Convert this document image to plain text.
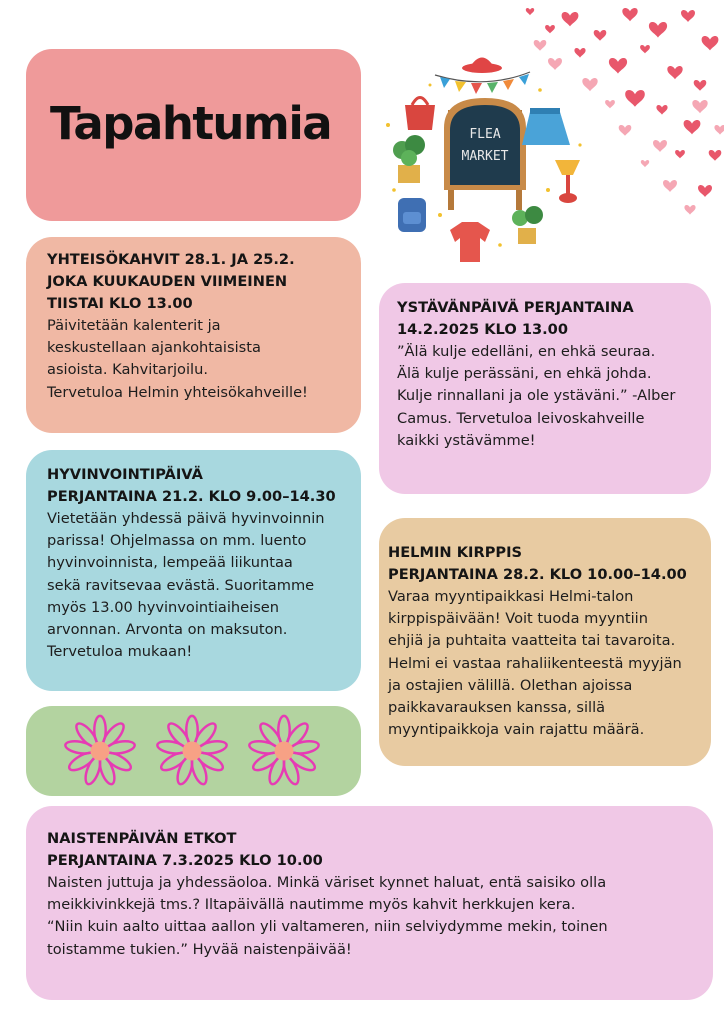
FLEA
MARKET
Tapahtumia
YHTEISÖKAHVIT 28.1. JA 25.2.
JOKA KUUKAUDEN VIIMEINEN
TIISTAI KLO 13.00

Päivitetään kalenterit ja
keskustellaan ajankohtaisista
asioista. Kahvitarjoilu.
Tervetuloa Helmin yhteisökahveille!

YSTÄVÄNPÄIVÄ PERJANTAINA
14.2.2025 KLO 13.00

”Älä kulje edelläni, en ehkä seuraa.
Älä kulje perässäni, en ehkä johda.
Kulje rinnallani ja ole ystäväni.” -Alber
Camus. Tervetuloa leivoskahveille
kaikki ystävämme!

HYVINVOINTIPÄIVÄ
PERJANTAINA 21.2. KLO 9.00–14.30

Vietetään yhdessä päivä hyvinvoinnin
parissa! Ohjelmassa on mm. luento
hyvinvoinnista, lempeää liikuntaa
sekä ravitsevaa evästä. Suoritamme
myös 13.00 hyvinvointiaiheisen
arvonnan. Arvonta on maksuton.
Tervetuloa mukaan!

HELMIN KIRPPIS
PERJANTAINA 28.2. KLO 10.00–14.00

Varaa myyntipaikkasi Helmi-talon
kirppispäivään! Voit tuoda myyntiin
ehjiä ja puhtaita vaatteita tai tavaroita.
Helmi ei vastaa rahaliikenteestä myyjän
ja ostajien välillä. Olethan ajoissa
paikkavarauksen kanssa, sillä
myyntipaikkoja vain rajattu määrä.

NAISTENPÄIVÄN ETKOT
PERJANTAINA 7.3.2025 KLO 10.00

Naisten juttuja ja yhdessäoloa. Minkä väriset kynnet haluat, entä saisiko olla
meikkivinkkejä tms.? Iltapäivällä nautimme myös kahvit herkkujen kera.
“Niin kuin aalto uittaa aallon yli valtameren, niin selviydymme mekin, toinen
toistamme tukien.” Hyvää naistenpäivää!
